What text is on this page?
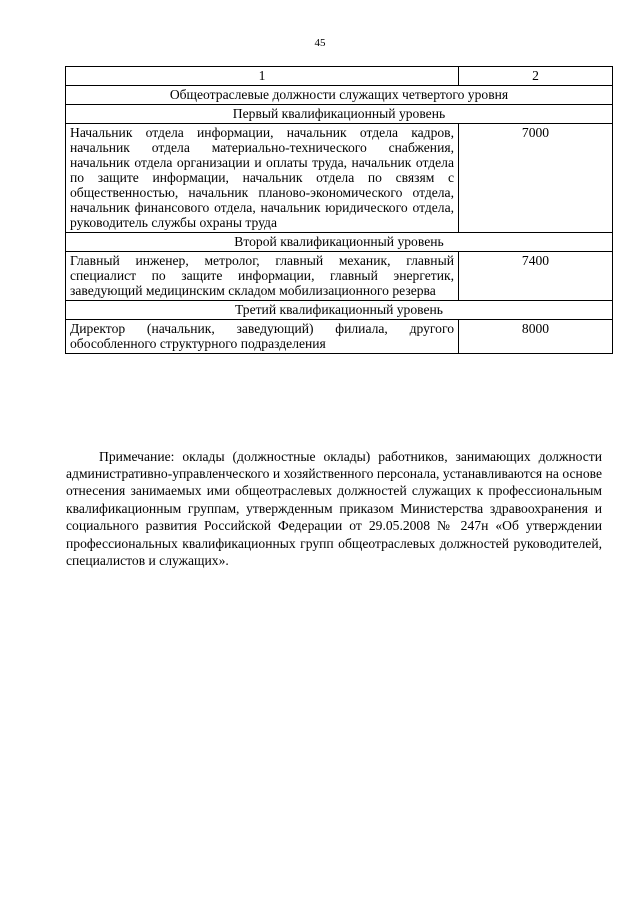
45
1	2
Общеотраслевые должности служащих четвертого уровня	
Первый квалификационный уровень	
Начальник отдела информации, начальник отдела кадров, начальник отдела материально-технического снабжения, начальник отдела организации и оплаты труда, начальник отдела по защите информации, начальник отдела по связям с общественностью, начальник планово-экономического отдела, начальник финансового отдела, начальник юридического отдела, руководитель службы охраны труда	7000
Второй квалификационный уровень	
Главный инженер, метролог, главный механик, главный специалист по защите информации, главный энергетик, заведующий медицинским складом мобилизационного резерва	7400
Третий квалификационный уровень	
Директор (начальник, заведующий) филиала, другого обособленного структурного подразделения	8000

Примечание: оклады (должностные оклады) работников, занимающих должности административно-управленческого и хозяйственного персонала, устанавливаются на основе отнесения занимаемых ими общеотраслевых должностей служащих к профессиональным квалификационным группам, утвержденным приказом Министерства здравоохранения и социального развития Российской Федерации от 29.05.2008 № 247н «Об утверждении профессиональных квалификационных групп общеотраслевых должностей руководителей, специалистов и служащих».
